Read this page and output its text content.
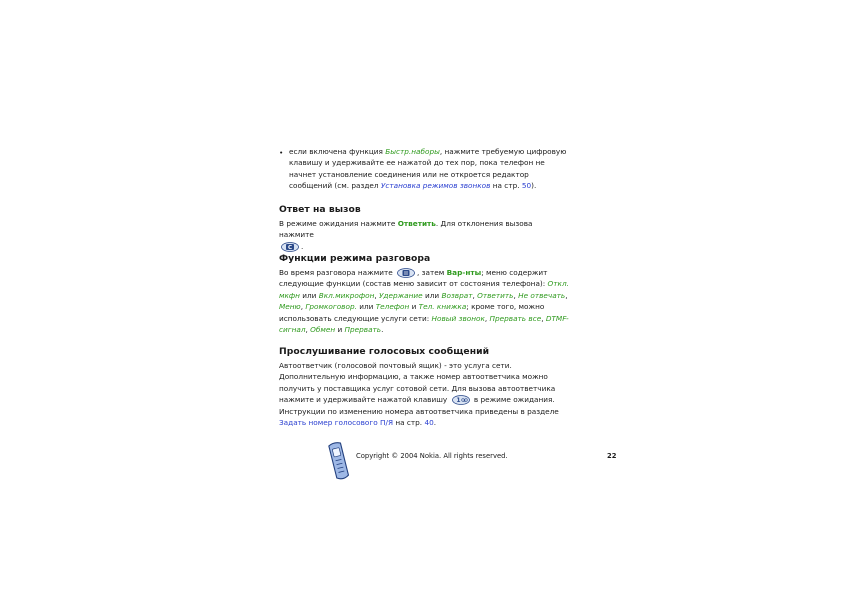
• если включена функция Быстр.наборы, нажмите требуемую цифровую клавишу и удерживайте ее нажатой до тех пор, пока телефон не начнет установление соединения или не откроется редактор сообщений (см. раздел Установка режимов звонков на стр. 50).

Ответ на вызов

В режиме ожидания нажмите Ответить. Для отклонения вызова нажмите

C .

Функции режима разговора

Во время разговора нажмите	, затем Вар-нты; меню содержит следующие функции (состав меню зависит от состояния телефона): Откл. мкфн или Вкл.микрофон, Удержание или Возврат, Ответить, Не отвечать, Меню, Громкоговор. или Телефон и Тел. книжка; кроме того, можно использовать следующие услуги сети: Новый звонок, Прервать все, DTMF-сигнал, Обмен и Прервать.

Прослушивание голосовых сообщений

Автоответчик (голосовой почтовый ящик) - это услуга сети. Дополнительную информацию, а также номер автоответчика можно получить у поставщика услуг сотовой сети. Для вызова автоответчика нажмите и удерживайте нажатой клавишу 1 в режиме ожидания. Инструкции по изменению номера автоответчика приведены в разделе Задать номер голосового П/Я на стр. 40.

Copyright © 2004 Nokia. All rights reserved.	22
